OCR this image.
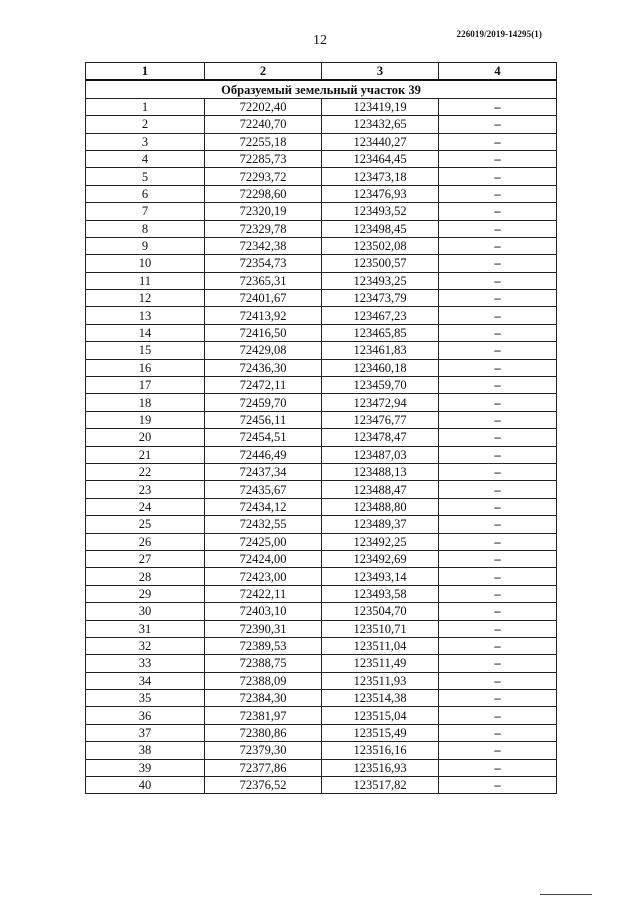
12	226019/2019-14295(1)
1	2	3	4
Образуемый земельный участок 39			
1	72202,40	123419,19	–
2	72240,70	123432,65	–
3	72255,18	123440,27	–
4	72285,73	123464,45	–
5	72293,72	123473,18	–
6	72298,60	123476,93	–
7	72320,19	123493,52	–
8	72329,78	123498,45	–
9	72342,38	123502,08	–
10	72354,73	123500,57	–
11	72365,31	123493,25	–
12	72401,67	123473,79	–
13	72413,92	123467,23	–
14	72416,50	123465,85	–
15	72429,08	123461,83	–
16	72436,30	123460,18	–
17	72472,11	123459,70	–
18	72459,70	123472,94	–
19	72456,11	123476,77	–
20	72454,51	123478,47	–
21	72446,49	123487,03	–
22	72437,34	123488,13	–
23	72435,67	123488,47	–
24	72434,12	123488,80	–
25	72432,55	123489,37	–
26	72425,00	123492,25	–
27	72424,00	123492,69	–
28	72423,00	123493,14	–
29	72422,11	123493,58	–
30	72403,10	123504,70	–
31	72390,31	123510,71	–
32	72389,53	123511,04	–
33	72388,75	123511,49	–
34	72388,09	123511,93	–
35	72384,30	123514,38	–
36	72381,97	123515,04	–
37	72380,86	123515,49	–
38	72379,30	123516,16	–
39	72377,86	123516,93	–
40	72376,52	123517,82	–
